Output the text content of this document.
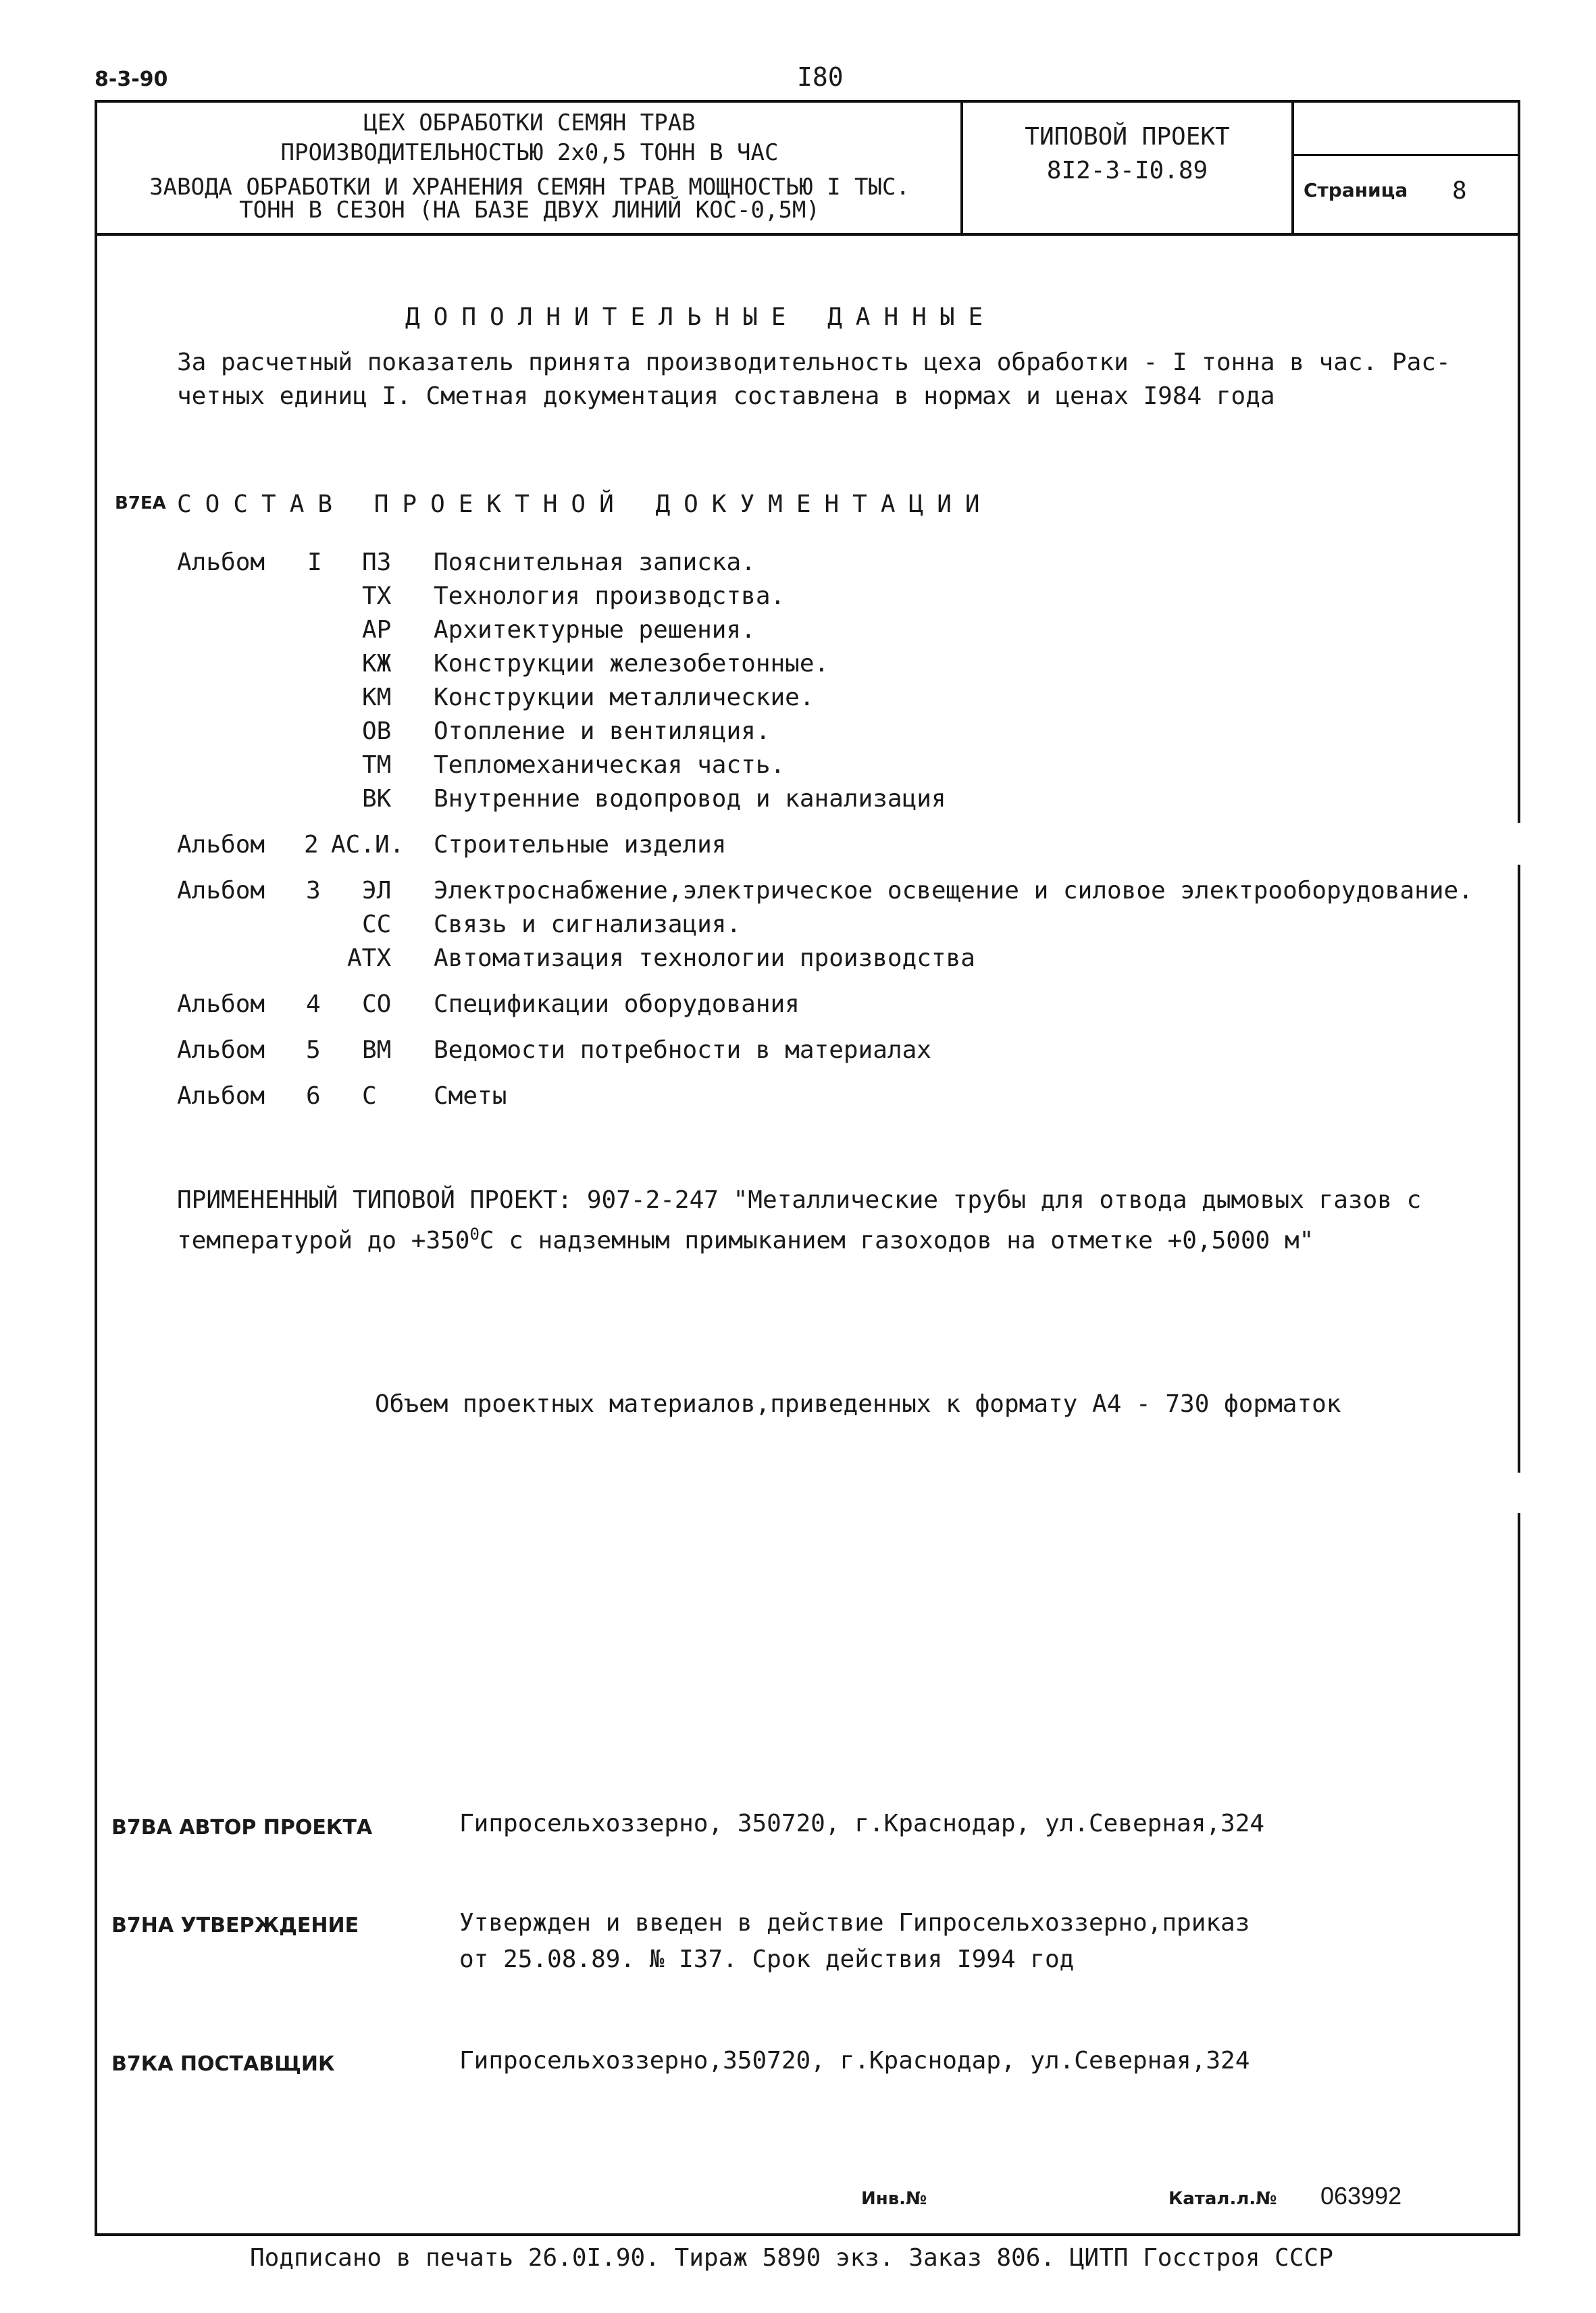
8-3-90	I80
ЦЕХ ОБРАБОТКИ СЕМЯН ТРАВ
ПРОИЗВОДИТЕЛЬНОСТЬЮ 2х0,5 ТОНН В ЧАС
ЗАВОДА ОБРАБОТКИ И ХРАНЕНИЯ СЕМЯН ТРАВ МОЩНОСТЬЮ I ТЫС.
ТОНН В СЕЗОН (НА БАЗЕ ДВУХ ЛИНИЙ КОС-0,5М)
ТИПОВОЙ ПРОЕКТ
8I2-3-I0.89
Страница 8
ДОПОЛНИТЕЛЬНЫЕ ДАННЫЕ
За расчетный показатель принята производительность цеха обработки - I тонна в час. Рас-
четных единиц I. Сметная документация составлена в нормах и ценах I984 года
В7ЕА СОСТАВ ПРОЕКТНОЙ ДОКУМЕНТАЦИИ
Альбом I ПЗ Пояснительная записка.
ТХ Технология производства.
АР Архитектурные решения.
КЖ Конструкции железобетонные.
КМ Конструкции металлические.
ОВ Отопление и вентиляция.
ТМ Тепломеханическая часть.
ВК Внутренние водопровод и канализация
Альбом 2 АС.И. Строительные изделия
Альбом 3 ЭЛ Электроснабжение,электрическое освещение и силовое электрооборудование.
СС Связь и сигнализация.
АТХ Автоматизация технологии производства
Альбом 4 СО Спецификации оборудования
Альбом 5 ВМ Ведомости потребности в материалах
Альбом 6 С Сметы
ПРИМЕНЕННЫЙ ТИПОВОЙ ПРОЕКТ: 907-2-247 "Металлические трубы для отвода дымовых газов с
температурой до $+350^0С$ с надземным примыканием газоходов на отметке +0,5000 м"
Объем проектных материалов,приведенных к формату А4 - 730 форматок
В7ВА АВТОР ПРОЕКТА	Гипросельхоззерно, 350720, г.Краснодар, ул.Северная,324
В7НА УТВЕРЖДЕНИЕ	Утвержден и введен в действие Гипросельхоззерно,приказ
от 25.08.89. № I37. Срок действия I994 год
В7КА ПОСТАВЩИК	Гипросельхоззерно,350720, г.Краснодар, ул.Северная,324
Инв.№	Катал.л.№ 063992
Подписано в печать 26.0I.90. Тираж 5890 экз. Заказ 806. ЦИТП Госстроя СССР
